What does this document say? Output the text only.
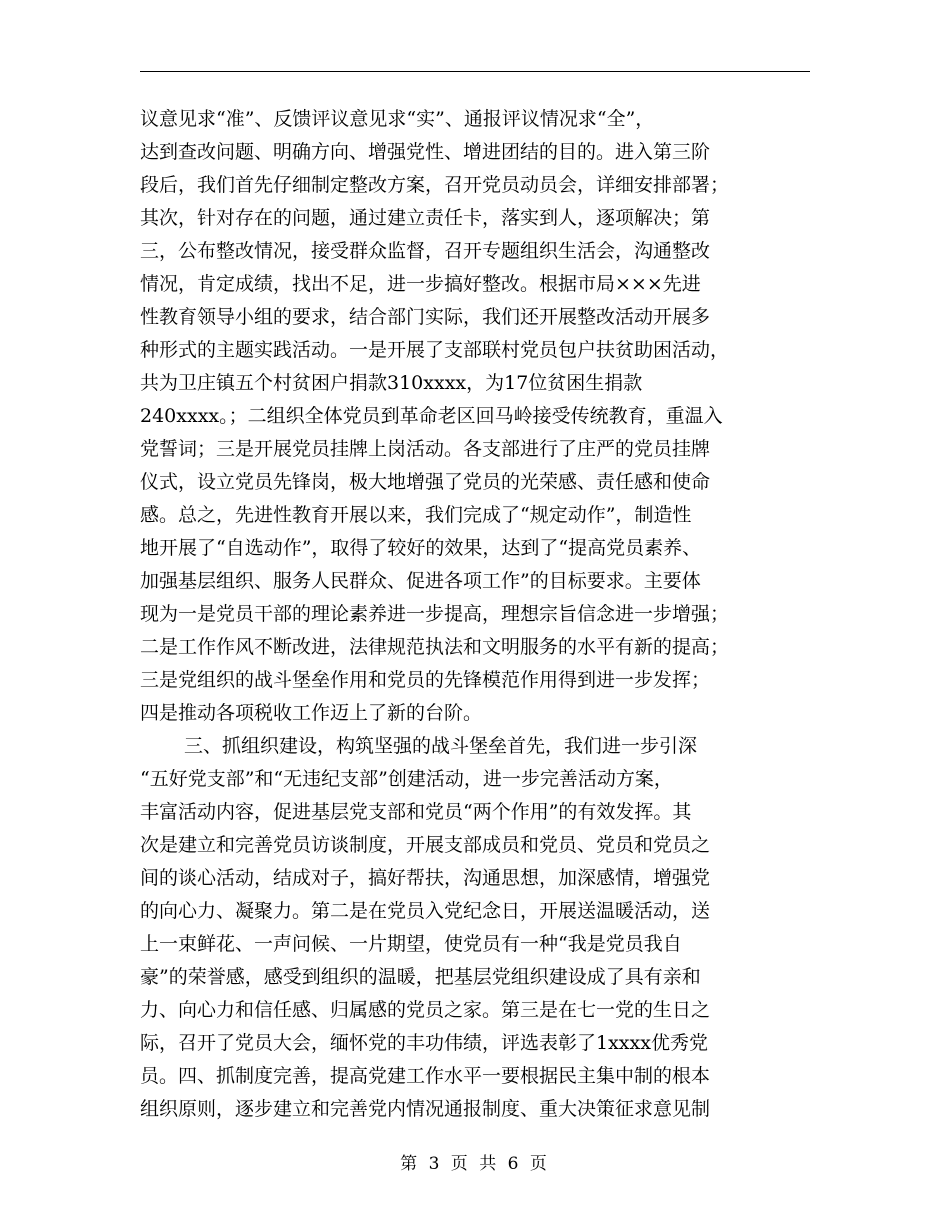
议意见求“准”、反馈评议意见求“实”、通报评议情况求“全”，
达到查改问题、明确方向、增强党性、增进团结的目的。进入第三阶
段后，我们首先仔细制定整改方案，召开党员动员会，详细安排部署；
其次，针对存在的问题，通过建立责任卡，落实到人，逐项解决；第
三，公布整改情况，接受群众监督，召开专题组织生活会，沟通整改
情况，肯定成绩，找出不足，进一步搞好整改。根据市局×××先进
性教育领导小组的要求，结合部门实际，我们还开展整改活动开展多
种形式的主题实践活动。一是开展了支部联村党员包户扶贫助困活动，
共为卫庄镇五个村贫困户捐款310xxxx，为17位贫困生捐款
240xxxx。；二组织全体党员到革命老区回马岭接受传统教育，重温入
党誓词；三是开展党员挂牌上岗活动。各支部进行了庄严的党员挂牌
仪式，设立党员先锋岗，极大地增强了党员的光荣感、责任感和使命
感。总之，先进性教育开展以来，我们完成了“规定动作”，制造性
地开展了“自选动作”，取得了较好的效果，达到了“提高党员素养、
加强基层组织、服务人民群众、促进各项工作”的目标要求。主要体
现为一是党员干部的理论素养进一步提高，理想宗旨信念进一步增强；
二是工作作风不断改进，法律规范执法和文明服务的水平有新的提高；
三是党组织的战斗堡垒作用和党员的先锋模范作用得到进一步发挥；
四是推动各项税收工作迈上了新的台阶。
三、抓组织建设，构筑坚强的战斗堡垒首先，我们进一步引深
“五好党支部”和“无违纪支部”创建活动，进一步完善活动方案，
丰富活动内容，促进基层党支部和党员“两个作用”的有效发挥。其
次是建立和完善党员访谈制度，开展支部成员和党员、党员和党员之
间的谈心活动，结成对子，搞好帮扶，沟通思想，加深感情，增强党
的向心力、凝聚力。第二是在党员入党纪念日，开展送温暖活动，送
上一束鲜花、一声问候、一片期望，使党员有一种“我是党员我自
豪”的荣誉感，感受到组织的温暖，把基层党组织建设成了具有亲和
力、向心力和信任感、归属感的党员之家。第三是在七一党的生日之
际，召开了党员大会，缅怀党的丰功伟绩，评选表彰了1xxxx优秀党
员。四、抓制度完善，提高党建工作水平一要根据民主集中制的根本
组织原则，逐步建立和完善党内情况通报制度、重大决策征求意见制
第 3 页 共 6 页
